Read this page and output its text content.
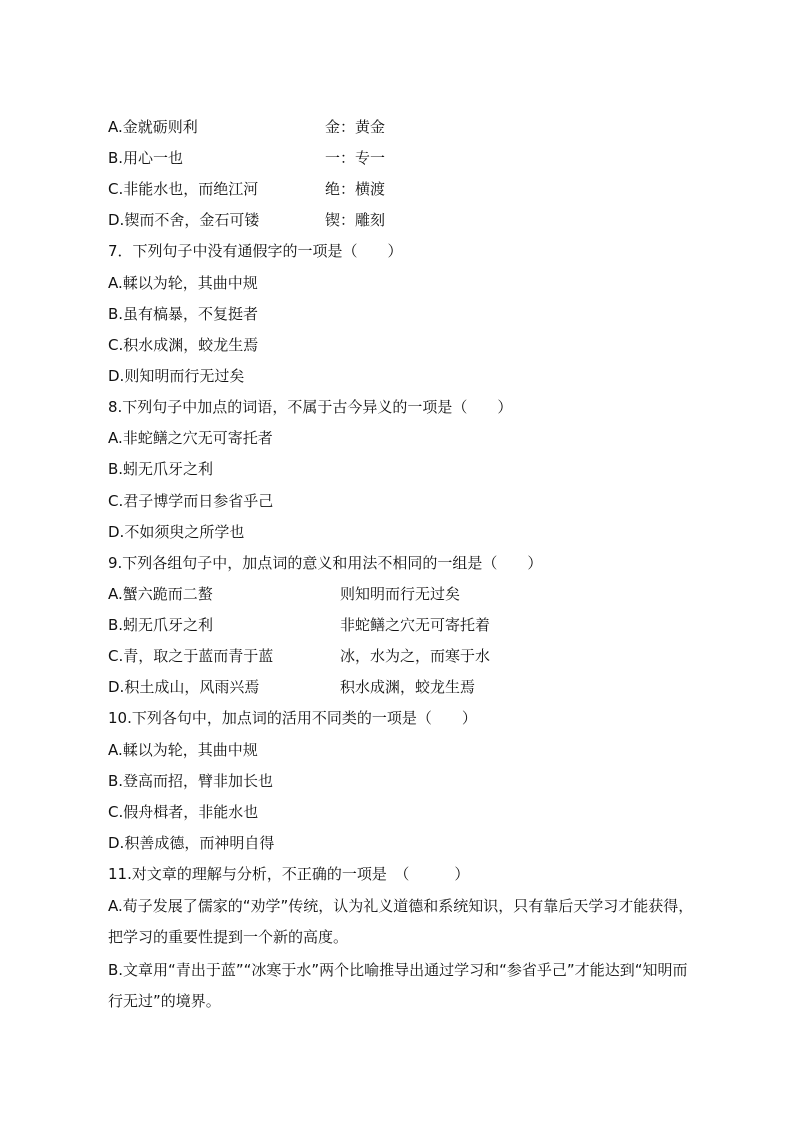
A.金就砺则利	金：黄金
B.用心一也	一：专一
C.非能水也，而绝江河	绝：横渡
D.锲而不舍，金石可镂	锲：雕刻
7．下列句子中没有通假字的一项是（　　）
A.輮以为轮，其曲中规
B.虽有槁暴，不复挺者
C.积水成渊，蛟龙生焉
D.则知明而行无过矣
8.下列句子中加点的词语，不属于古今异义的一项是（　　）
A.非蛇鳝之穴无可寄托者
B.蚓无爪牙之利
C.君子博学而日参省乎己
D.不如须臾之所学也
9.下列各组句子中，加点词的意义和用法不相同的一组是（　　）
A.蟹六跪而二螯	则知明而行无过矣
B.蚓无爪牙之利	非蛇鳝之穴无可寄托着
C.青，取之于蓝而青于蓝	冰，水为之，而寒于水
D.积土成山，风雨兴焉	积水成渊，蛟龙生焉
10.下列各句中，加点词的活用不同类的一项是（　　）
A.輮以为轮，其曲中规
B.登高而招，臂非加长也
C.假舟楫者，非能水也
D.积善成德，而神明自得
11.对文章的理解与分析，不正确的一项是　（　　　）
A.荀子发展了儒家的“劝学”传统，认为礼义道德和系统知识，只有靠后天学习才能获得，把学习的重要性提到一个新的高度。
B.文章用“青出于蓝”“冰寒于水”两个比喻推导出通过学习和“参省乎己”才能达到“知明而行无过”的境界。
